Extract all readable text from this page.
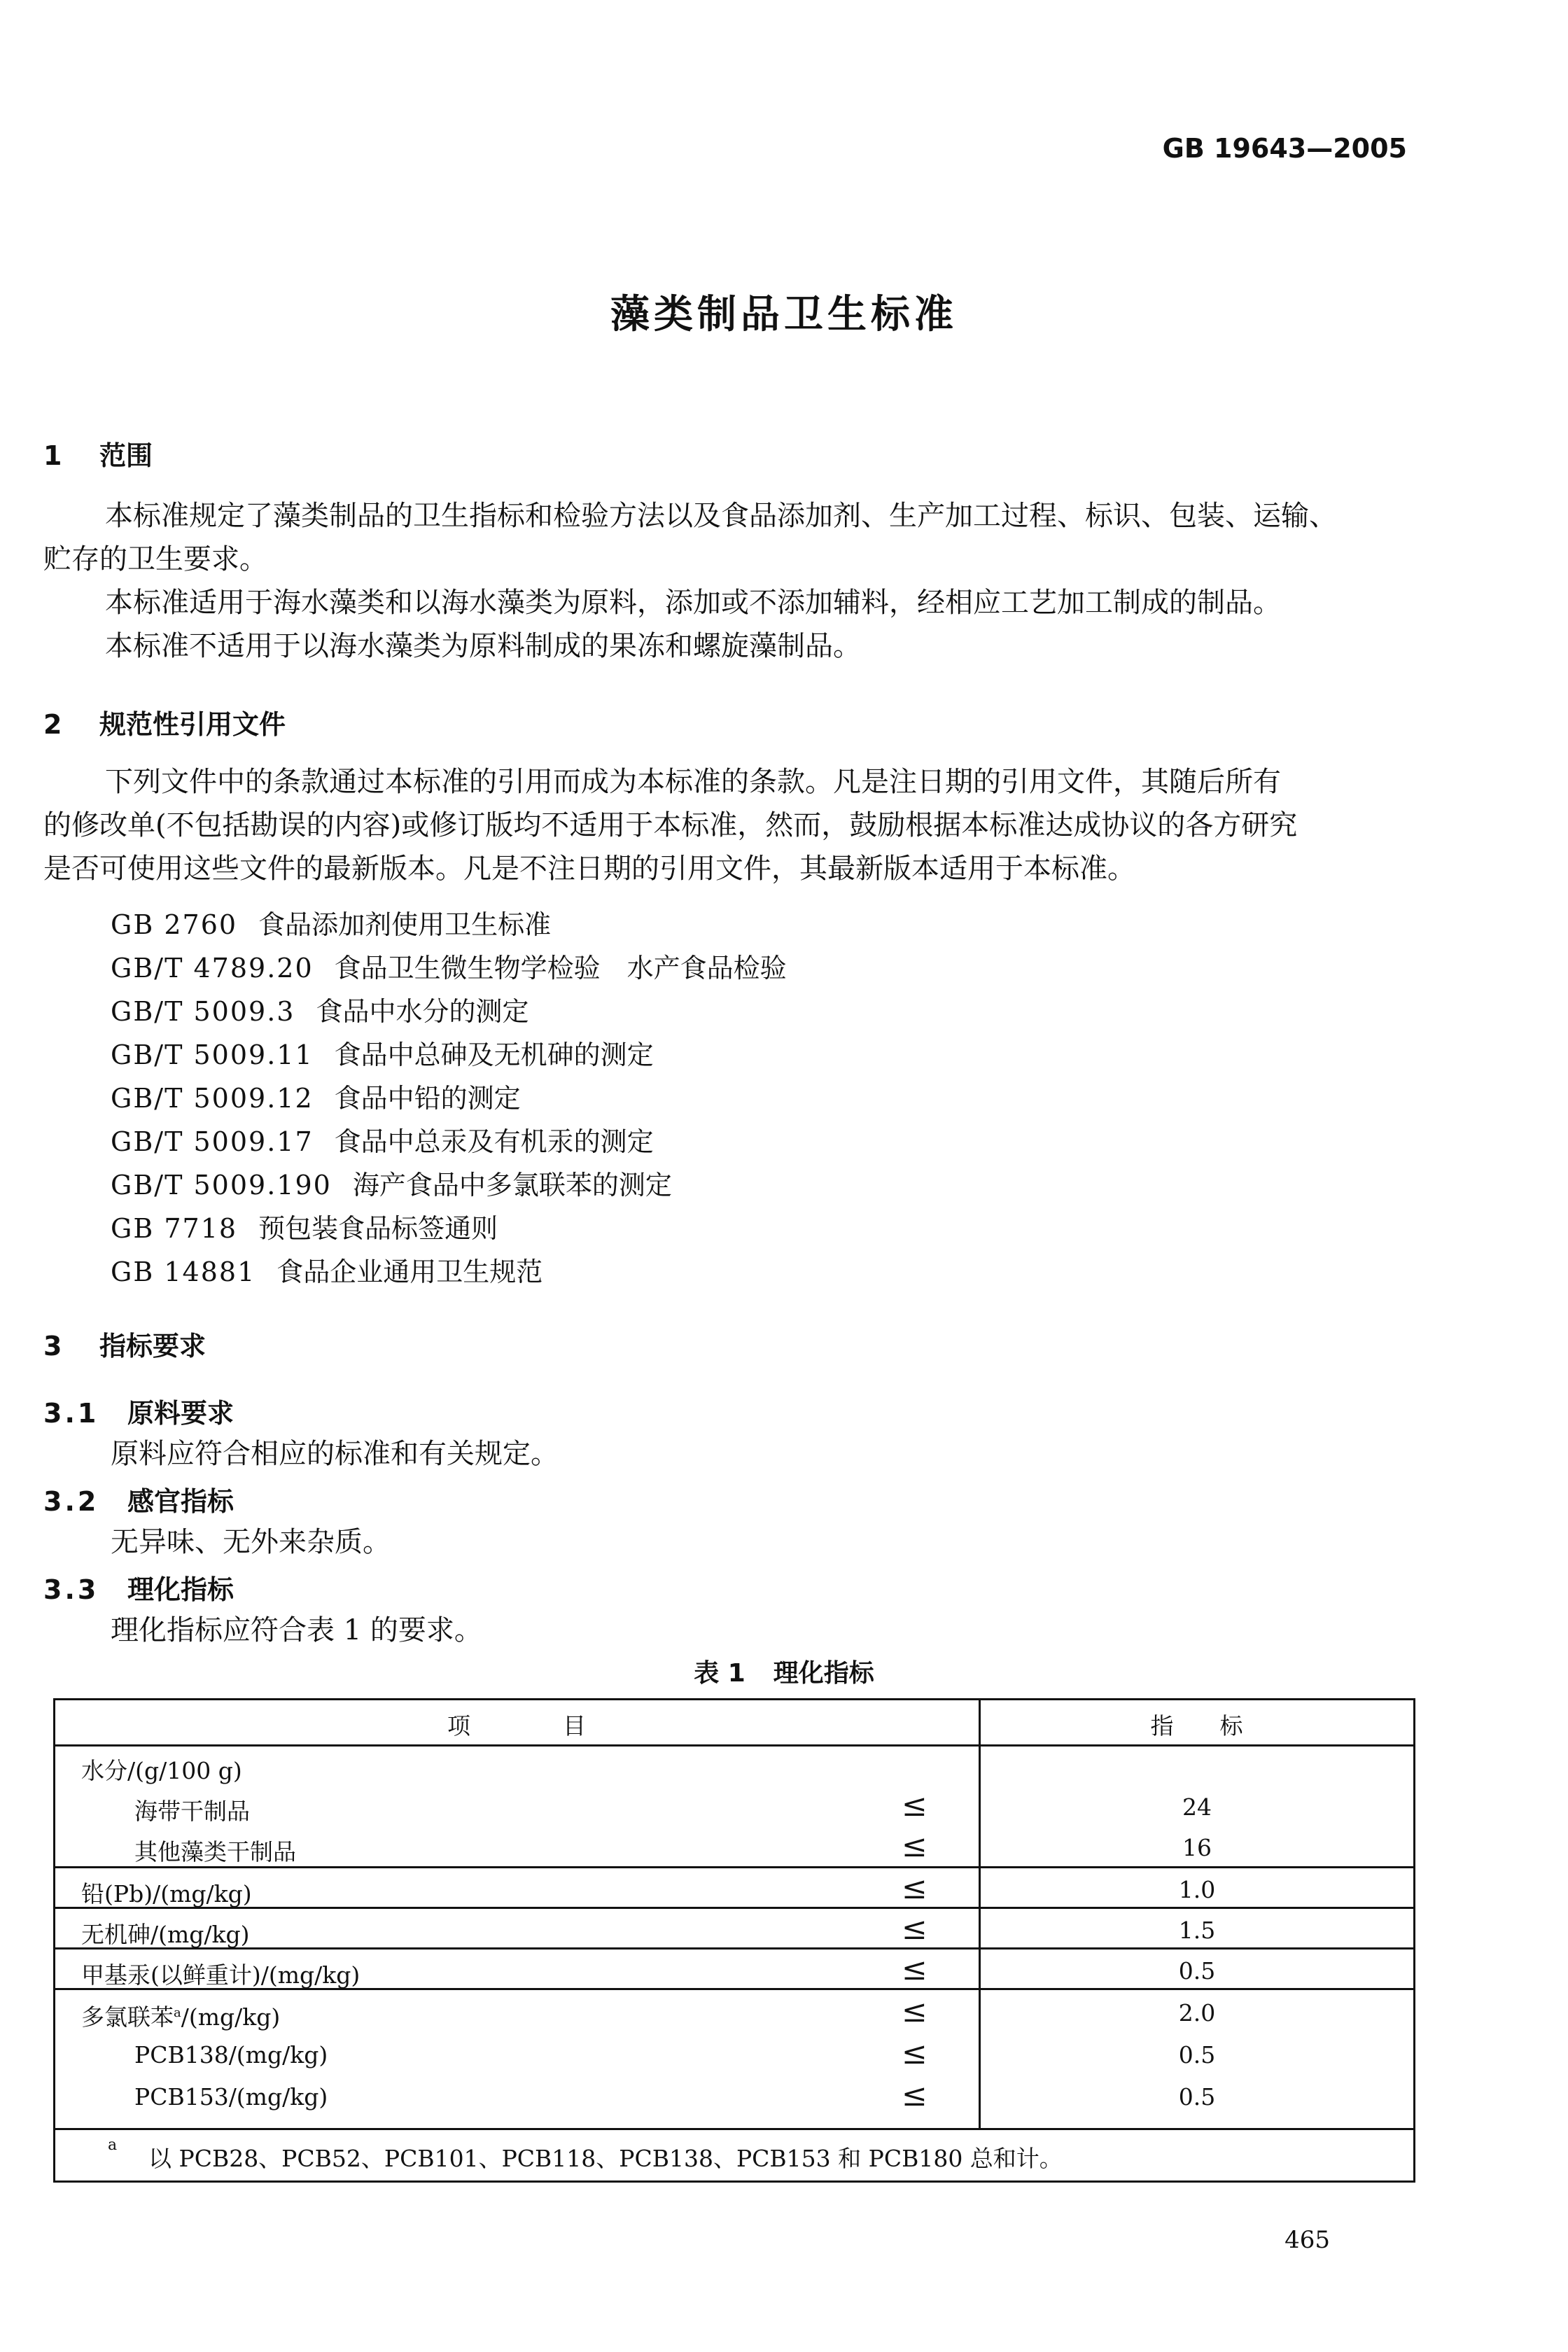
GB 19643—2005
藻类制品卫生标准
1 范围
本标准规定了藻类制品的卫生指标和检验方法以及食品添加剂、生产加工过程、标识、包装、运输、
贮存的卫生要求。
本标准适用于海水藻类和以海水藻类为原料，添加或不添加辅料，经相应工艺加工制成的制品。
本标准不适用于以海水藻类为原料制成的果冻和螺旋藻制品。
2 规范性引用文件
下列文件中的条款通过本标准的引用而成为本标准的条款。凡是注日期的引用文件，其随后所有
的修改单(不包括勘误的内容)或修订版均不适用于本标准，然而，鼓励根据本标准达成协议的各方研究
是否可使用这些文件的最新版本。凡是不注日期的引用文件，其最新版本适用于本标准。
GB 2760 食品添加剂使用卫生标准
GB/T 4789.20 食品卫生微生物学检验　水产食品检验
GB/T 5009.3 食品中水分的测定
GB/T 5009.11 食品中总砷及无机砷的测定
GB/T 5009.12 食品中铅的测定
GB/T 5009.17 食品中总汞及有机汞的测定
GB/T 5009.190 海产食品中多氯联苯的测定
GB 7718 预包装食品标签通则
GB 14881 食品企业通用卫生规范
3 指标要求
3.1 原料要求
原料应符合相应的标准和有关规定。
3.2 感官指标
无异味、无外来杂质。
3.3 理化指标
理化指标应符合表 1 的要求。
表 1 理化指标
项　　　　目	指　　标
水分/(g/100 g)
海带干制品	≤	24
其他藻类干制品	≤	16
铅(Pb)/(mg/kg)	≤	1.0
无机砷/(mg/kg)	≤	1.5
甲基汞(以鲜重计)/(mg/kg)	≤	0.5
多氯联苯$^a$/(mg/kg)	≤	2.0
PCB138/(mg/kg)	≤	0.5
PCB153/(mg/kg)	≤	0.5
a 以 PCB28、PCB52、PCB101、PCB118、PCB138、PCB153 和 PCB180 总和计。
465
